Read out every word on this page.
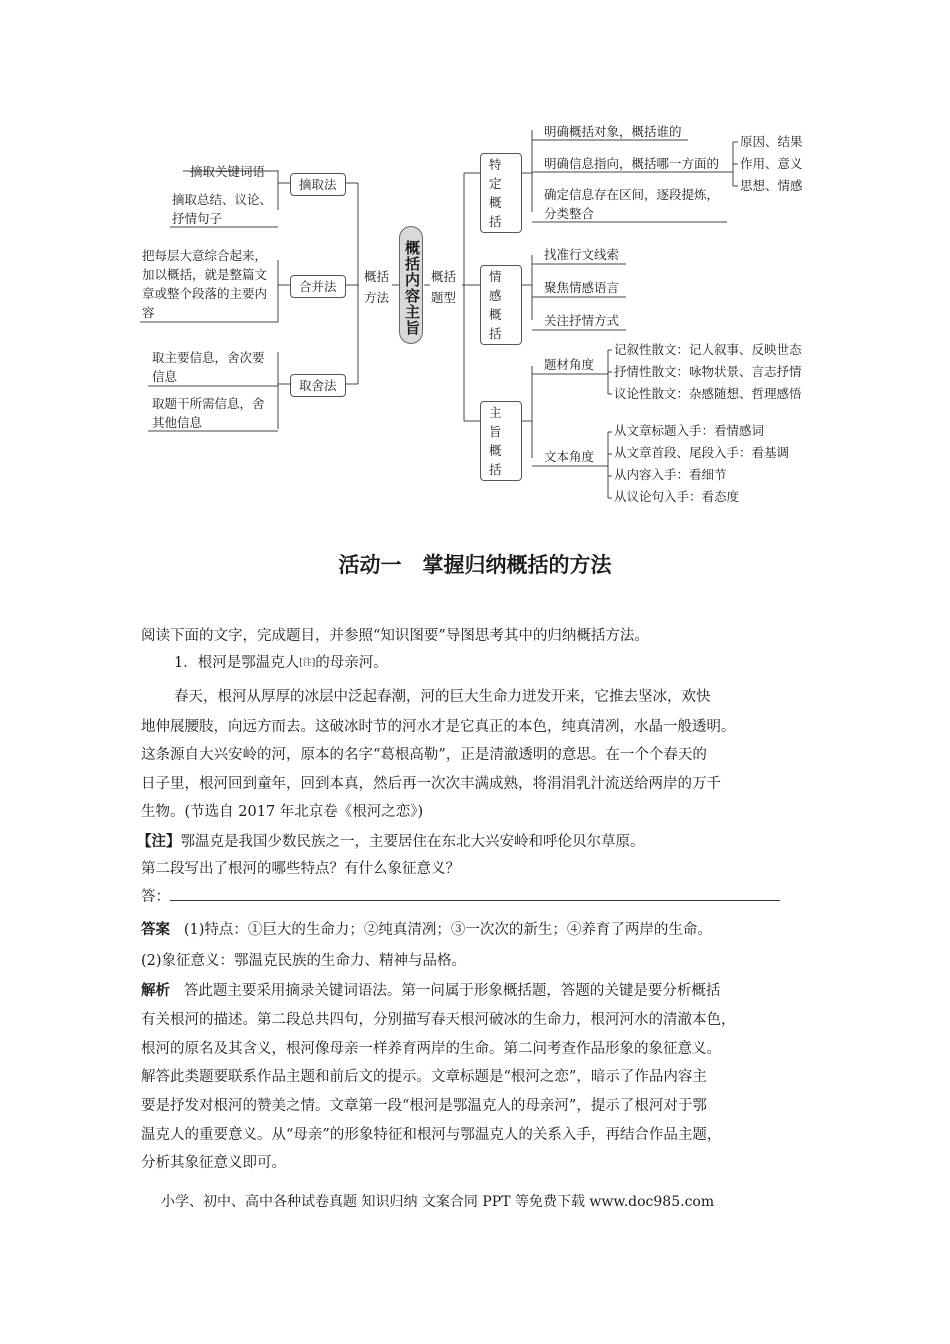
概括内容主旨
概括方法
概括题型
摘取法
摘取关键词语
摘取总结、议论、抒情句子
合并法
把每层大意综合起来，加以概括，就是整篇文章或整个段落的主要内容
取舍法
取主要信息，舍次要信息
取题干所需信息，舍其他信息
特定概括
明确概括对象，概括谁的
明确信息指向，概括哪一方面的
确定信息存在区间，逐段提炼，分类整合
原因、结果
作用、意义
思想、情感
情感概括
找准行文线索
聚焦情感语言
关注抒情方式
主旨概括
题材角度
记叙性散文：记人叙事、反映世态
抒情性散文：咏物状景、言志抒情
议论性散文：杂感随想、哲理感悟
文本角度
从文章标题入手：看情感词
从文章首段、尾段入手：看基调
从内容入手：看细节
从议论句入手：看态度
活动一　掌握归纳概括的方法
阅读下面的文字，完成题目，并参照“知识图要”导图思考其中的归纳概括方法。
1．根河是鄂温克人[注]的母亲河。
春天，根河从厚厚的冰层中泛起春潮，河的巨大生命力迸发开来，它推去坚冰，欢快
地伸展腰肢，向远方而去。这破冰时节的河水才是它真正的本色，纯真清冽，水晶一般透明。
这条源自大兴安岭的河，原本的名字“葛根高勒”，正是清澈透明的意思。在一个个春天的
日子里，根河回到童年，回到本真，然后再一次次丰满成熟，将涓涓乳汁流送给两岸的万千
生物。(节选自 2017 年北京卷《根河之恋》)
【注】鄂温克是我国少数民族之一，主要居住在东北大兴安岭和呼伦贝尔草原。
第二段写出了根河的哪些特点？有什么象征意义？
答：
答案 (1)特点：①巨大的生命力；②纯真清冽；③一次次的新生；④养育了两岸的生命。
(2)象征意义：鄂温克民族的生命力、精神与品格。
解析 答此题主要采用摘录关键词语法。第一问属于形象概括题，答题的关键是要分析概括
有关根河的描述。第二段总共四句，分别描写春天根河破冰的生命力，根河河水的清澈本色，
根河的原名及其含义，根河像母亲一样养育两岸的生命。第二问考查作品形象的象征意义。
解答此类题要联系作品主题和前后文的提示。文章标题是“根河之恋”，暗示了作品内容主
要是抒发对根河的赞美之情。文章第一段“根河是鄂温克人的母亲河”，提示了根河对于鄂
温克人的重要意义。从“母亲”的形象特征和根河与鄂温克人的关系入手，再结合作品主题，
分析其象征意义即可。
小学、初中、高中各种试卷真题 知识归纳 文案合同 PPT 等免费下载 www.doc985.com
